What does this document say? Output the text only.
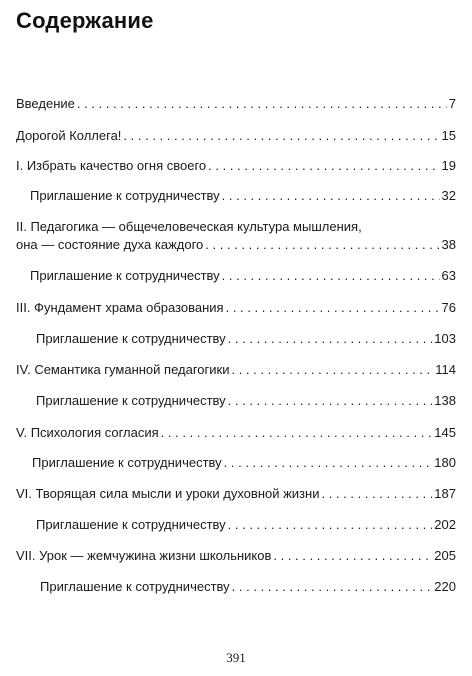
Содержание
Введение . . .	7
Дорогой Коллега! . . .	15
I. Избрать качество огня своего . . .	19
Приглашение к сотрудничеству . . .	32
II. Педагогика — общечеловеческая культура мышления,
она — состояние духа каждого . . .	38
Приглашение к сотрудничеству . . .	63
III. Фундамент храма образования . . .	76
Приглашение к сотрудничеству . . .	103
IV. Семантика гуманной педагогики . . .	114
Приглашение к сотрудничеству . . .	138
V. Психология согласия . . .	145
Приглашение к сотрудничеству . . .	180
VI. Творящая сила мысли и уроки духовной жизни . . .	187
Приглашение к сотрудничеству . . .	202
VII. Урок — жемчужина жизни школьников . . .	205
Приглашение к сотрудничеству . . .	220
391
